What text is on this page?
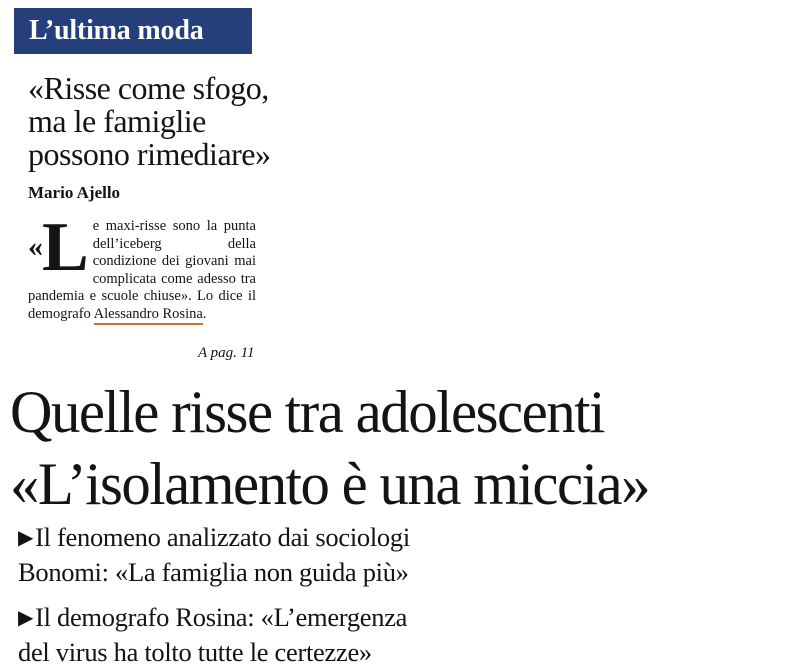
L’ultima moda
«Risse come sfogo,
ma le famiglie
possono rimediare»
Mario Ajello
« L e maxi-risse sono la punta dell’iceberg della condizione dei giovani mai complicata come adesso tra pandemia e scuole chiuse». Lo dice il demografo Alessandro Rosina.
A pag. 11
Quelle risse tra adolescenti
«L’isolamento è una miccia»
▶Il fenomeno analizzato dai sociologi
Bonomi: «La famiglia non guida più»
▶Il demografo Rosina: «L’emergenza
del virus ha tolto tutte le certezze»
